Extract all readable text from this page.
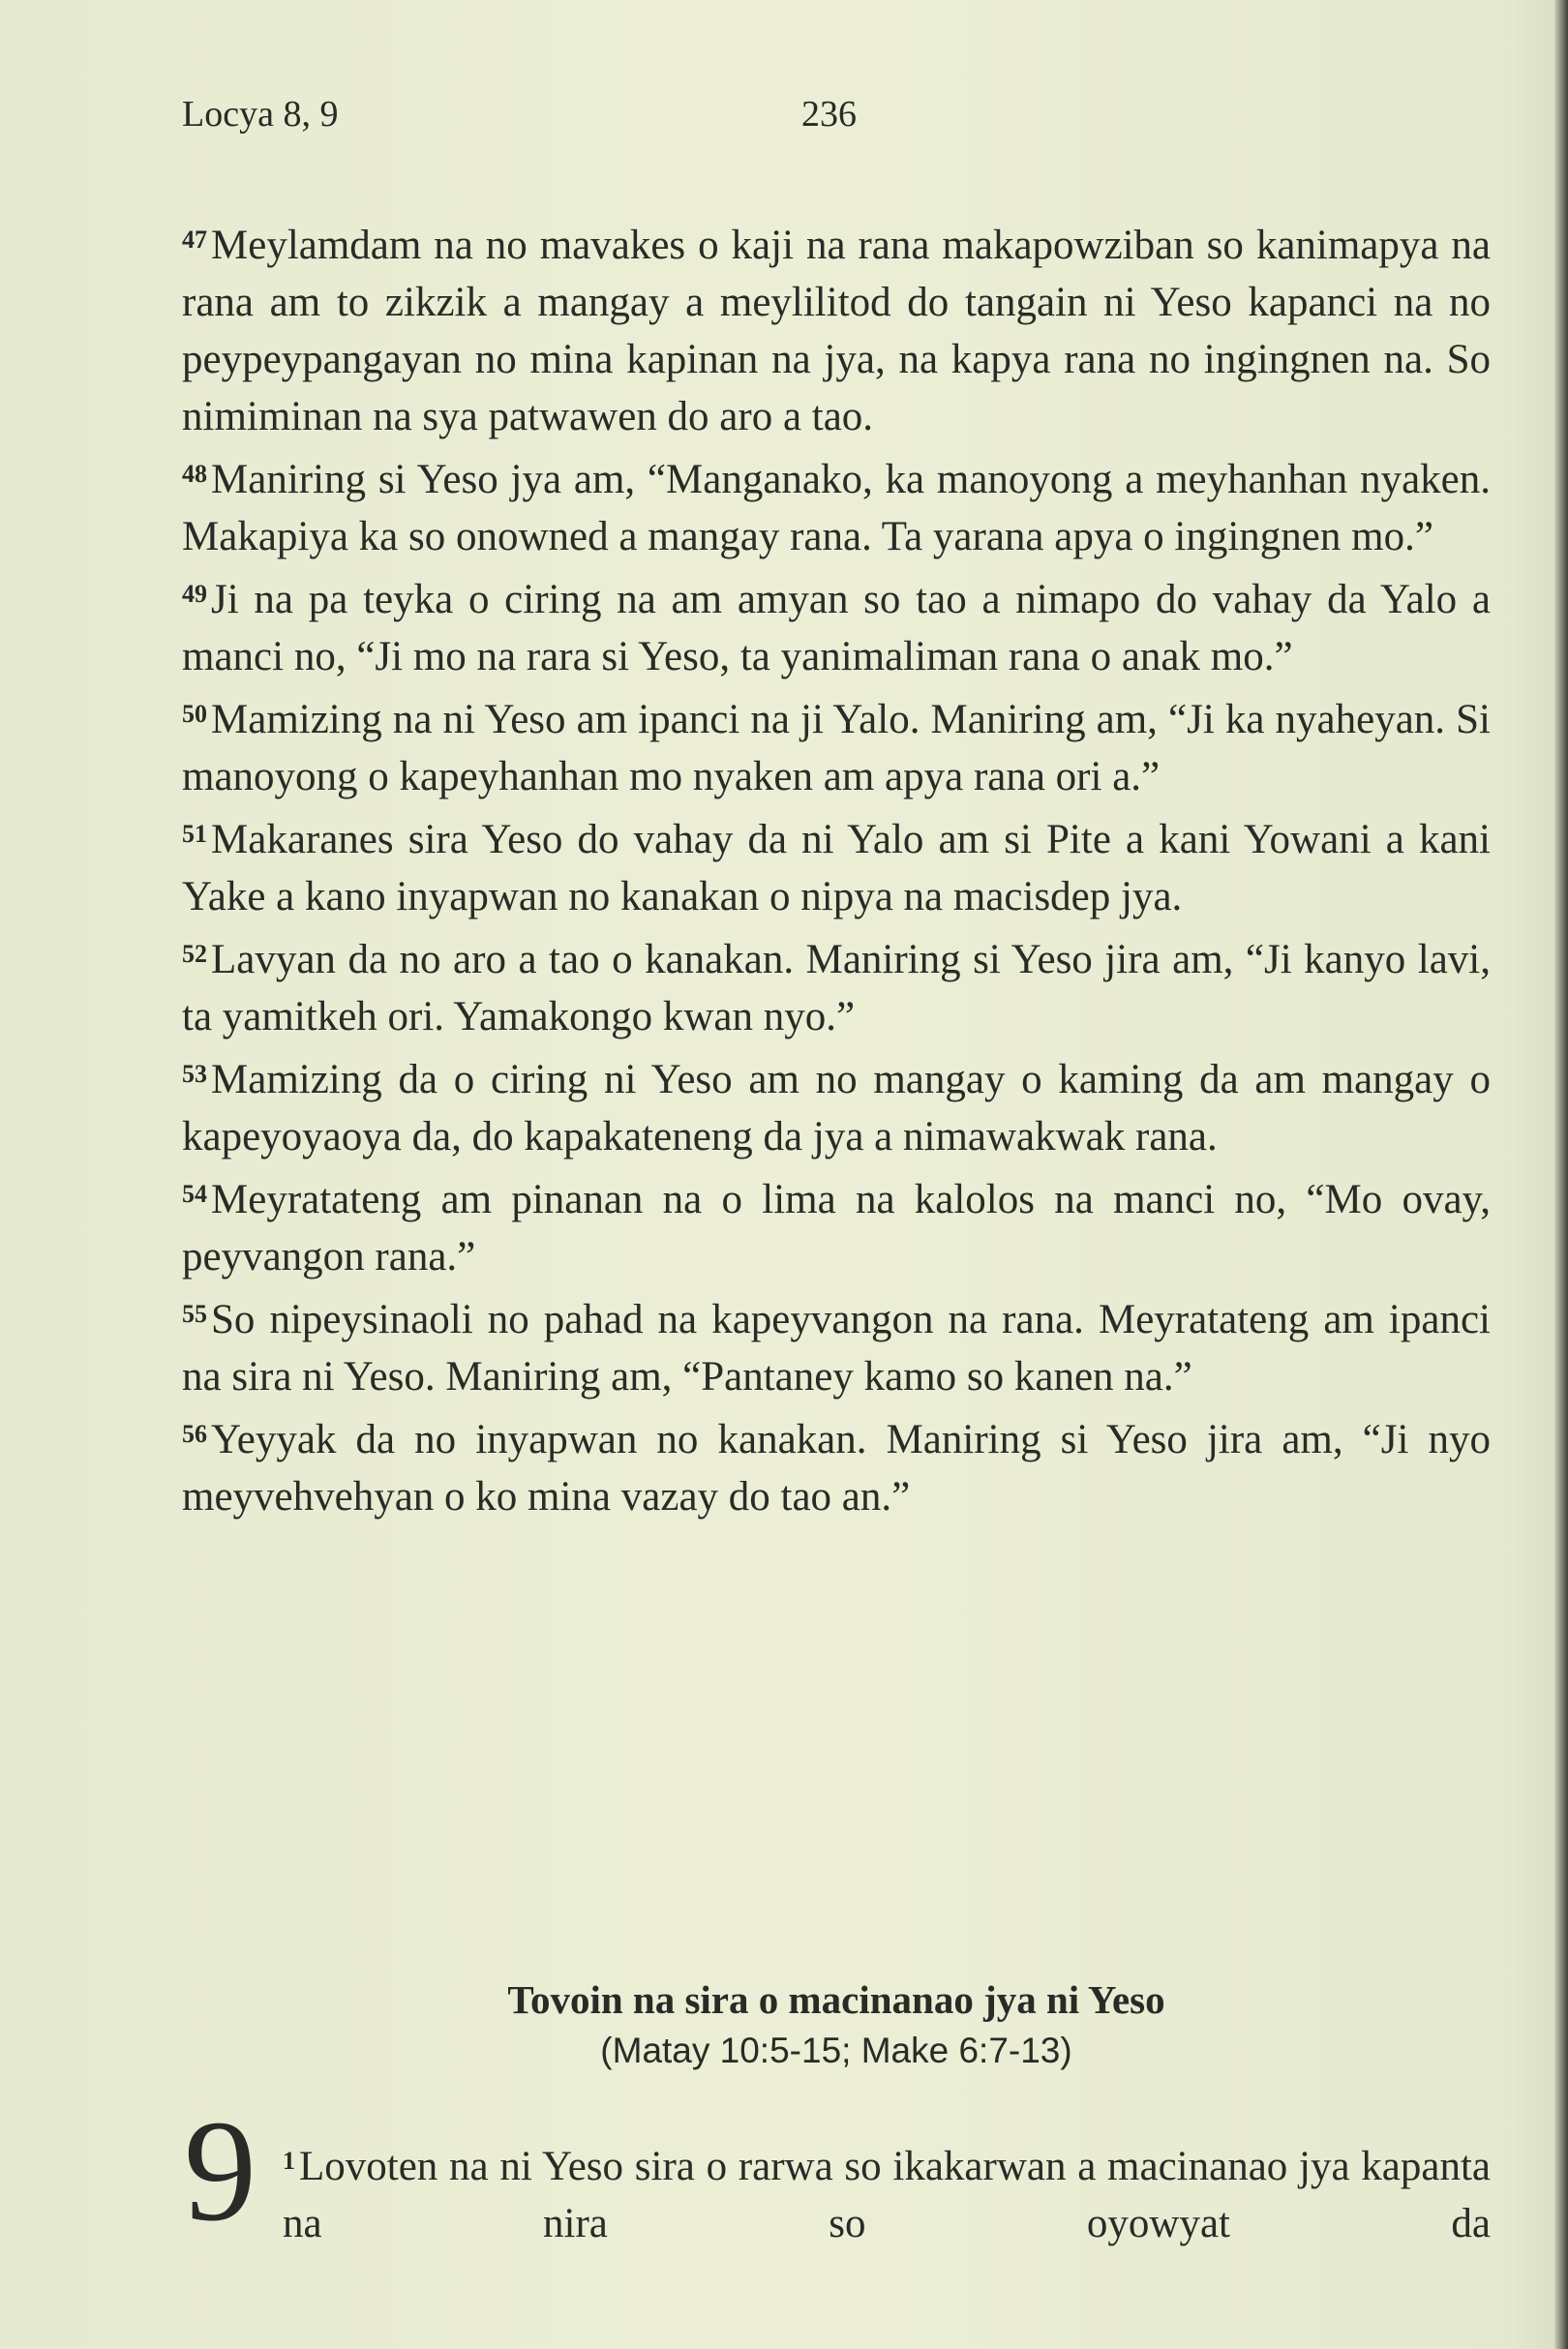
Locya 8, 9	236

$^{47}$Meylamdam na no mavakes o kaji na rana makapowziban so kanimapya na rana am to zikzik a mangay a meylilitod do tangain ni Yeso kapanci na no peypeypangayan no mina kapinan na jya, na kapya rana no ingingnen na. So nimiminan na sya patwawen do aro a tao.

$^{48}$Maniring si Yeso jya am, “Manganako, ka manoyong a meyhanhan nyaken. Makapiya ka so onowned a mangay rana. Ta yarana apya o ingingnen mo.”

$^{49}$Ji na pa teyka o ciring na am amyan so tao a nimapo do vahay da Yalo a manci no, “Ji mo na rara si Yeso, ta yanimaliman rana o anak mo.”

$^{50}$Mamizing na ni Yeso am ipanci na ji Yalo. Maniring am, “Ji ka nyaheyan. Si manoyong o kapeyhanhan mo nyaken am apya rana ori a.”

$^{51}$Makaranes sira Yeso do vahay da ni Yalo am si Pite a kani Yowani a kani Yake a kano inyapwan no kanakan o nipya na macisdep jya.

$^{52}$Lavyan da no aro a tao o kanakan. Maniring si Yeso jira am, “Ji kanyo lavi, ta yamitkeh ori. Yamakongo kwan nyo.”

$^{53}$Mamizing da o ciring ni Yeso am no mangay o kaming da am mangay o kapeyoyaoya da, do kapakateneng da jya a nimawakwak rana.

$^{54}$Meyratateng am pinanan na o lima na kalolos na manci no, “Mo ovay, peyvangon rana.”

$^{55}$So nipeysinaoli no pahad na kapeyvangon na rana. Meyratateng am ipanci na sira ni Yeso. Maniring am, “Pantaney kamo so kanen na.”

$^{56}$Yeyyak da no inyapwan no kanakan. Maniring si Yeso jira am, “Ji nyo meyvehvehyan o ko mina vazay do tao an.”

Tovoin na sira o macinanao jya ni Yeso
(Matay 10:5-15; Make 6:7-13)
9 $^1$Lovoten na ni Yeso sira o rarwa so ikakarwan a macinanao jya kapanta na nira so oyowyat da
